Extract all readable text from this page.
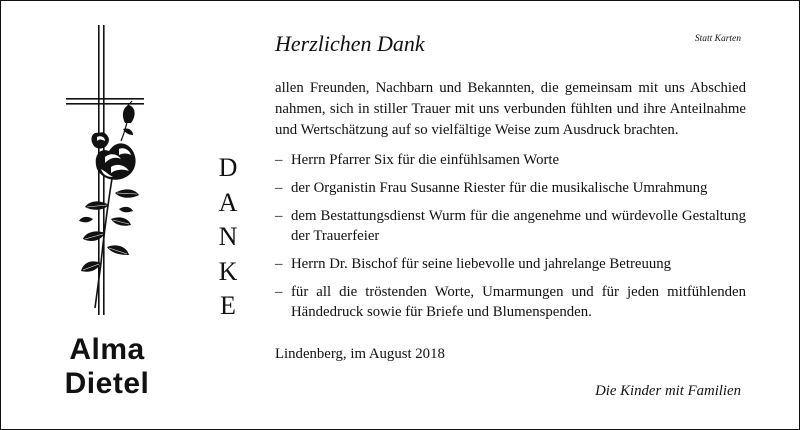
Alma
Dietel
D
A
N
K
E
Herzlichen Dank	Statt Karten
allen Freunden, Nachbarn und Bekannten, die gemeinsam mit uns Abschied nahmen, sich in stiller Trauer mit uns verbunden fühlten und ihre Anteilnahme und Wertschätzung auf so vielfältige Weise zum Ausdruck brachten.
– Herrn Pfarrer Six für die einfühlsamen Worte
– der Organistin Frau Susanne Riester für die musikalische Umrahmung
– dem Bestattungsdienst Wurm für die angenehme und würdevolle Gestaltung der Trauerfeier
– Herrn Dr. Bischof für seine liebevolle und jahrelange Betreuung
– für all die tröstenden Worte, Umarmungen und für jeden mitfühlenden Händedruck sowie für Briefe und Blumenspenden.
Lindenberg, im August 2018
Die Kinder mit Familien
